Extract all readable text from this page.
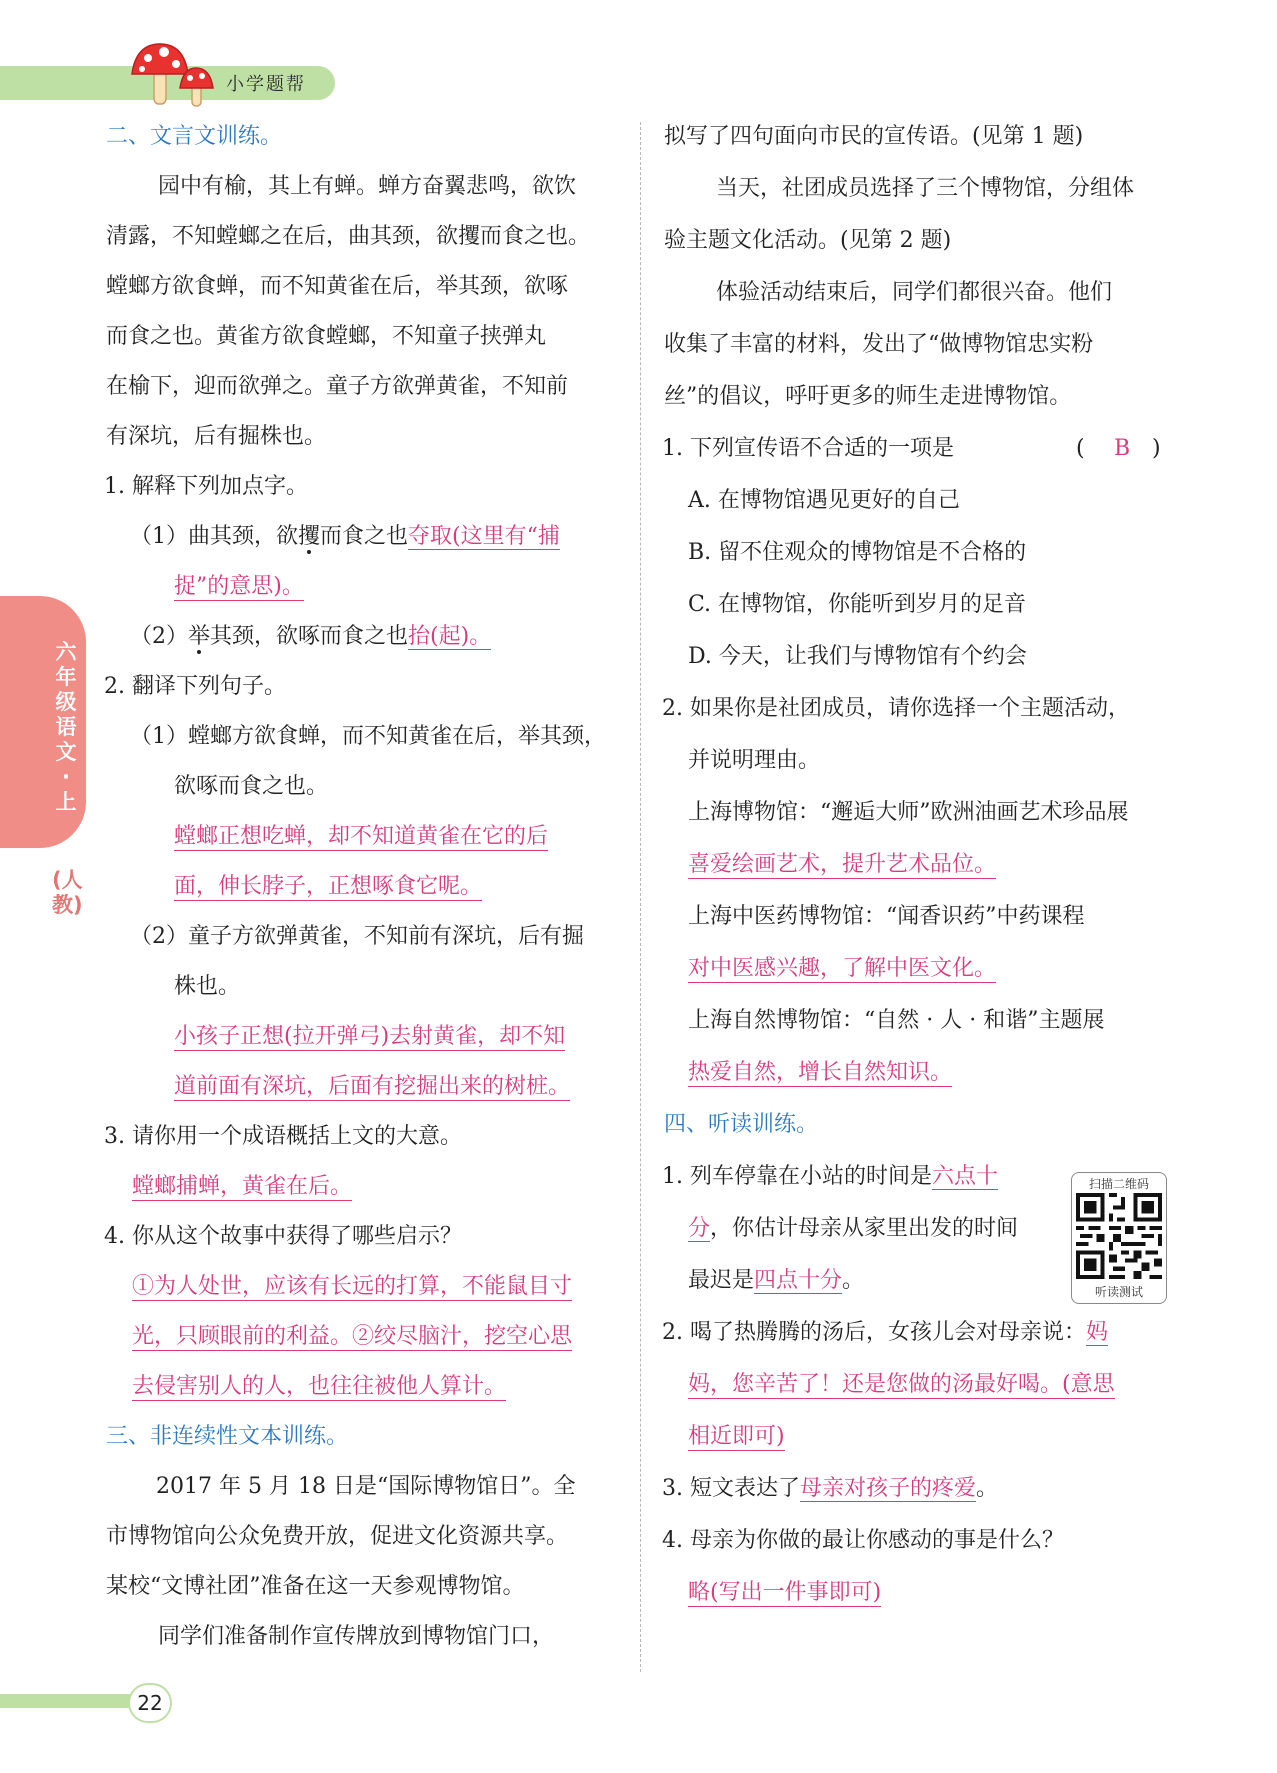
小学题帮
六年级语文·上
(人教)
二、文言文训练。
园中有榆，其上有蝉。蝉方奋翼悲鸣，欲饮
清露，不知螳螂之在后，曲其颈，欲攫而食之也。
螳螂方欲食蝉，而不知黄雀在后，举其颈，欲啄
而食之也。黄雀方欲食螳螂，不知童子挟弹丸
在榆下，迎而欲弹之。童子方欲弹黄雀，不知前
有深坑，后有掘株也。
1. 解释下列加点字。
（1）曲其颈，欲攫而食之也夺取(这里有“捕
捉”的意思)。
（2）举其颈，欲啄而食之也抬(起)。
2. 翻译下列句子。
（1）螳螂方欲食蝉，而不知黄雀在后，举其颈，
欲啄而食之也。
螳螂正想吃蝉，却不知道黄雀在它的后
面，伸长脖子，正想啄食它呢。
（2）童子方欲弹黄雀，不知前有深坑，后有掘
株也。
小孩子正想(拉开弹弓)去射黄雀，却不知
道前面有深坑，后面有挖掘出来的树桩。
3. 请你用一个成语概括上文的大意。
螳螂捕蝉，黄雀在后。
4. 你从这个故事中获得了哪些启示？
①为人处世，应该有长远的打算，不能鼠目寸
光，只顾眼前的利益。②绞尽脑汁，挖空心思
去侵害别人的人，也往往被他人算计。
三、非连续性文本训练。
2017 年 5 月 18 日是“国际博物馆日”。全
市博物馆向公众免费开放，促进文化资源共享。
某校“文博社团”准备在这一天参观博物馆。
同学们准备制作宣传牌放到博物馆门口，
拟写了四句面向市民的宣传语。(见第 1 题)
当天，社团成员选择了三个博物馆，分组体
验主题文化活动。(见第 2 题)
体验活动结束后，同学们都很兴奋。他们
收集了丰富的材料，发出了“做博物馆忠实粉
丝”的倡议，呼吁更多的师生走进博物馆。
1. 下列宣传语不合适的一项是	( B )
A. 在博物馆遇见更好的自己
B. 留不住观众的博物馆是不合格的
C. 在博物馆，你能听到岁月的足音
D. 今天，让我们与博物馆有个约会
2. 如果你是社团成员，请你选择一个主题活动，
并说明理由。
上海博物馆：“邂逅大师”欧洲油画艺术珍品展
喜爱绘画艺术，提升艺术品位。
上海中医药博物馆：“闻香识药”中药课程
对中医感兴趣，了解中医文化。
上海自然博物馆：“自然 · 人 · 和谐”主题展
热爱自然，增长自然知识。
四、听读训练。
1. 列车停靠在小站的时间是六点十
分，你估计母亲从家里出发的时间
最迟是四点十分。
扫描二维码
听读测试
2. 喝了热腾腾的汤后，女孩儿会对母亲说：妈
妈，您辛苦了！还是您做的汤最好喝。(意思
相近即可)
3. 短文表达了母亲对孩子的疼爱。
4. 母亲为你做的最让你感动的事是什么？
略(写出一件事即可)
22
